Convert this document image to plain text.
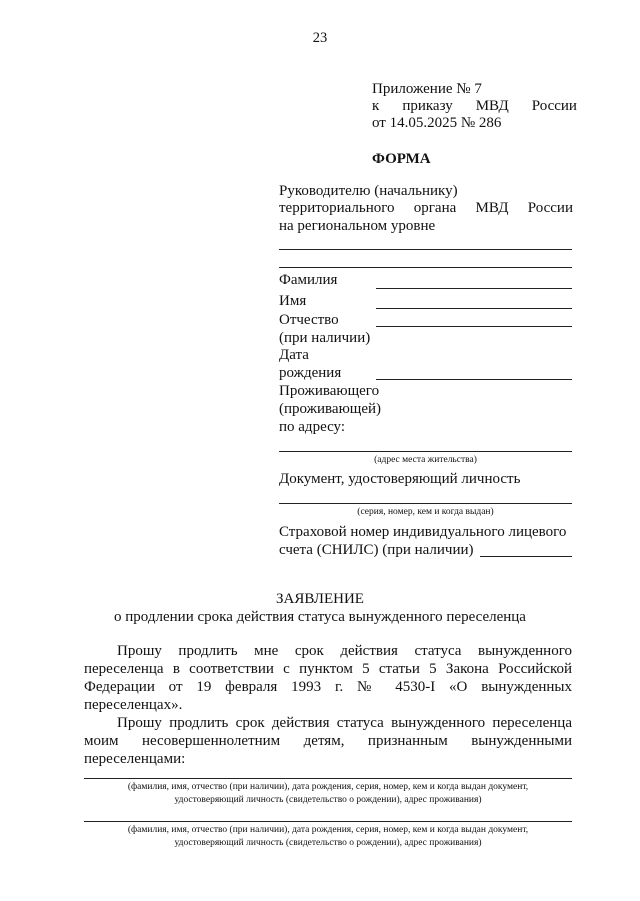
23
Приложение № 7
к приказу МВД России
от 14.05.2025 № 286
ФОРМА
Руководителю (начальнику)
территориального органа МВД России
на региональном уровне
Фамилия
Имя
Отчество
(при наличии)
Дата
рождения
Проживающего
(проживающей)
по адресу:
(адрес места жительства)
Документ, удостоверяющий личность
(серия, номер, кем и когда выдан)
Страховой номер индивидуального лицевого
счета (СНИЛС) (при наличии)
ЗАЯВЛЕНИЕ
о продлении срока действия статуса вынужденного переселенца
Прошу продлить мне срок действия статуса вынужденного
переселенца в соответствии с пунктом 5 статьи 5 Закона Российской
Федерации от 19 февраля 1993 г. № 4530-I «О вынужденных
переселенцах».
Прошу продлить срок действия статуса вынужденного переселенца
моим несовершеннолетним детям, признанным вынужденными
переселенцами:
(фамилия, имя, отчество (при наличии), дата рождения, серия, номер, кем и когда выдан документ,
удостоверяющий личность (свидетельство о рождении), адрес проживания)
(фамилия, имя, отчество (при наличии), дата рождения, серия, номер, кем и когда выдан документ,
удостоверяющий личность (свидетельство о рождении), адрес проживания)
